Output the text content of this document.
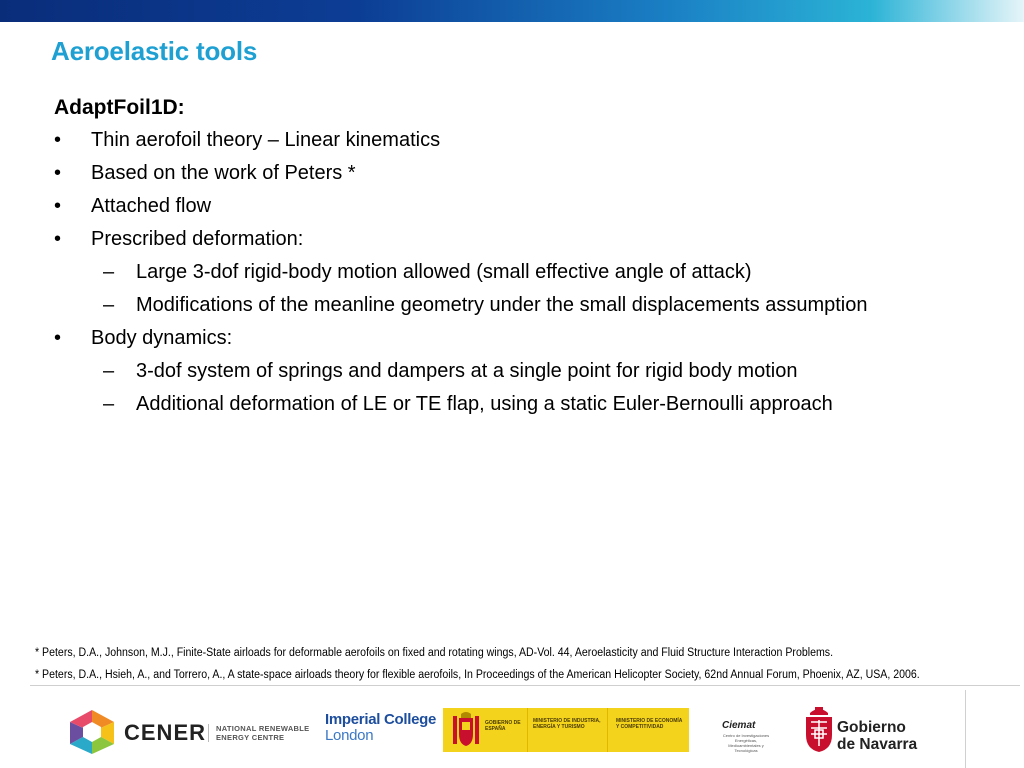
Aeroelastic tools
AdaptFoil1D:
• Thin aerofoil theory – Linear kinematics
• Based on the work of Peters *
• Attached flow
• Prescribed deformation:
– Large 3-dof rigid-body motion allowed (small effective angle of attack)
– Modifications of the meanline geometry under the small displacements assumption
• Body dynamics:
– 3-dof system of springs and dampers at a single point for rigid body motion
– Additional deformation of LE or TE flap, using a static Euler-Bernoulli approach
* Peters, D.A., Johnson, M.J., Finite-State airloads for deformable aerofoils on fixed and rotating wings, AD-Vol. 44, Aeroelasticity and Fluid Structure Interaction Problems.
* Peters, D.A., Hsieh, A., and Torrero, A., A state-space airloads theory for flexible aerofoils, In Proceedings of the American Helicopter Society, 62nd Annual Forum, Phoenix, AZ, USA, 2006.
CENER NATIONAL RENEWABLE
ENERGY CENTRE
Imperial College
London
GOBIERNO DE ESPAÑA
MINISTERIO DE INDUSTRIA, ENERGÍA Y TURISMO
MINISTERIO DE ECONOMÍA Y COMPETITIVIDAD	Ciemat
Centro de Investigaciones Energéticas, Medioambientales y Tecnológicas
Gobierno
de Navarra
